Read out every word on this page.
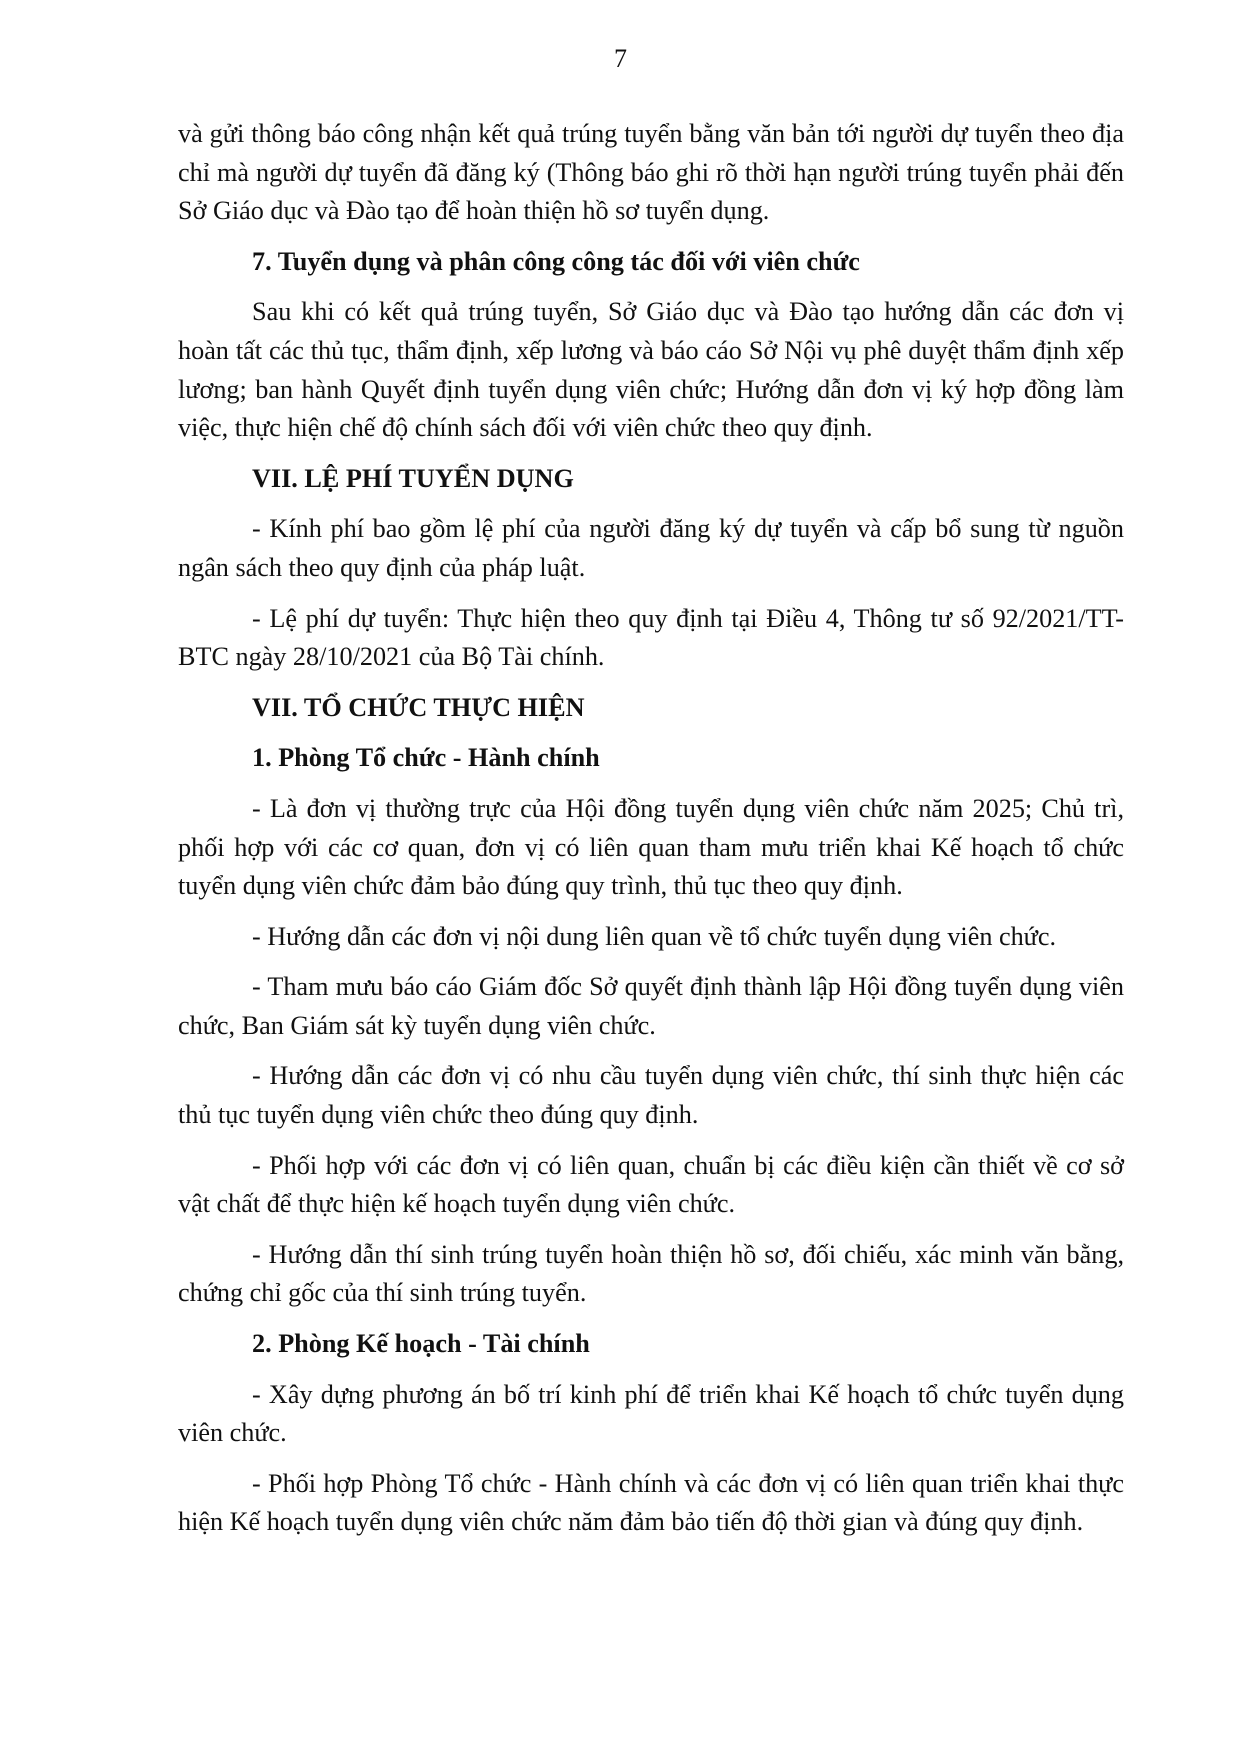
7

và gửi thông báo công nhận kết quả trúng tuyển bằng văn bản tới người dự tuyển theo địa chỉ mà người dự tuyển đã đăng ký (Thông báo ghi rõ thời hạn người trúng tuyển phải đến Sở Giáo dục và Đào tạo để hoàn thiện hồ sơ tuyển dụng.

7. Tuyển dụng và phân công công tác đối với viên chức

Sau khi có kết quả trúng tuyển, Sở Giáo dục và Đào tạo hướng dẫn các đơn vị hoàn tất các thủ tục, thẩm định, xếp lương và báo cáo Sở Nội vụ phê duyệt thẩm định xếp lương; ban hành Quyết định tuyển dụng viên chức; Hướng dẫn đơn vị ký hợp đồng làm việc, thực hiện chế độ chính sách đối với viên chức theo quy định.

VII. LỆ PHÍ TUYỂN DỤNG

- Kính phí bao gồm lệ phí của người đăng ký dự tuyển và cấp bổ sung từ nguồn ngân sách theo quy định của pháp luật.

- Lệ phí dự tuyển: Thực hiện theo quy định tại Điều 4, Thông tư số 92/2021/TT-BTC ngày 28/10/2021 của Bộ Tài chính.

VII. TỔ CHỨC THỰC HIỆN

1. Phòng Tổ chức - Hành chính

- Là đơn vị thường trực của Hội đồng tuyển dụng viên chức năm 2025; Chủ trì, phối hợp với các cơ quan, đơn vị có liên quan tham mưu triển khai Kế hoạch tổ chức tuyển dụng viên chức đảm bảo đúng quy trình, thủ tục theo quy định.

- Hướng dẫn các đơn vị nội dung liên quan về tổ chức tuyển dụng viên chức.

- Tham mưu báo cáo Giám đốc Sở quyết định thành lập Hội đồng tuyển dụng viên chức, Ban Giám sát kỳ tuyển dụng viên chức.

- Hướng dẫn các đơn vị có nhu cầu tuyển dụng viên chức, thí sinh thực hiện các thủ tục tuyển dụng viên chức theo đúng quy định.

- Phối hợp với các đơn vị có liên quan, chuẩn bị các điều kiện cần thiết về cơ sở vật chất để thực hiện kế hoạch tuyển dụng viên chức.

- Hướng dẫn thí sinh trúng tuyển hoàn thiện hồ sơ, đối chiếu, xác minh văn bằng, chứng chỉ gốc của thí sinh trúng tuyển.

2. Phòng Kế hoạch - Tài chính

- Xây dựng phương án bố trí kinh phí để triển khai Kế hoạch tổ chức tuyển dụng viên chức.

- Phối hợp Phòng Tổ chức - Hành chính và các đơn vị có liên quan triển khai thực hiện Kế hoạch tuyển dụng viên chức năm đảm bảo tiến độ thời gian và đúng quy định.
